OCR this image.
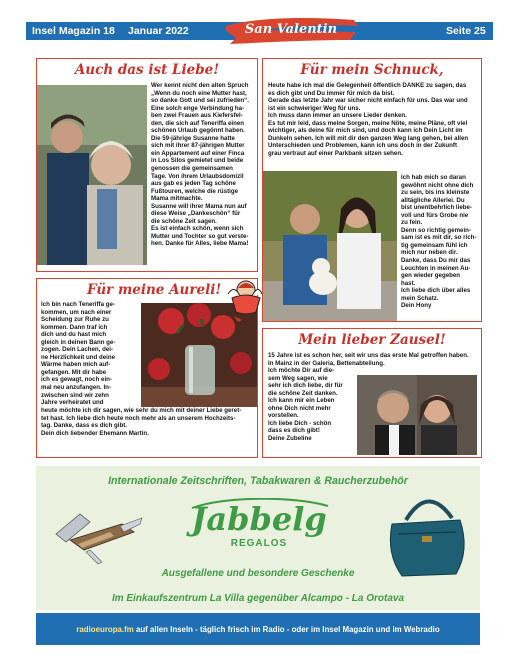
Insel Magazin 18 Januar 2022	San Valentin	Seite 25
Auch das ist Liebe!

Wer kennt nicht den alten Spruch

„Wenn du noch eine Mutter hast,

so danke Gott und sei zufrieden“.

Eine solch enge Verbindung ha-

ben zwei Frauen aus Kiefersfel-

den, die sich auf Teneriffa einen

schönen Urlaub gegönnt haben.

Die 59-jährige Susanne hatte

sich mit ihrer 87-jährigen Mutter

ein Appartement auf einer Finca

in Los Silos gemietet und beide

genossen die gemeinsamen

Tage. Von ihrem Urlaubsdomizil

aus gab es jeden Tag schöne

Fußtouren, welche die rüstige

Mama mitmachte.

Susanne will ihrer Mama nun auf

diese Weise „Dankeschön“ für

die schöne Zeit sagen.

Es ist einfach schön, wenn sich

Mutter und Tochter so gut verste-

hen. Danke für Alles, liebe Mama!

Für mein Schnuck,

Heute habe ich mal die Gelegenheit öffentlich DANKE zu sagen, das

es dich gibt und Du immer für mich da bist.

Gerade das letzte Jahr war sicher nicht einfach für uns. Das war und

ist ein schwieriger Weg für uns.

Ich muss dann immer an unsere Lieder denken.

Es tut mir leid, dass meine Sorgen, meine Nöte, meine Pläne, oft viel

wichtiger, als deine für mich sind, und doch kann ich Dein Licht im

Dunkeln sehen. Ich will mit dir den ganzen Weg lang gehen, bei allen

Unterschieden und Problemen, kann ich uns doch in der Zukunft

grau vertraut auf einer Parkbank sitzen sehen.

Ich hab mich so daran

gewöhnt nicht ohne dich

zu sein, bis ins kleinste

alltägliche Allerlei. Du

bist unentbehrlich liebe-

voll und fürs Grobe nie

zu fein.

Denn so richtig gemein-

sam ist es mit dir, so rich-

tig gemeinsam fühl ich

mich nur neben dir.

Danke, dass Du mir das

Leuchten in meinen Au-

gen wieder gegeben

hast.

Ich liebe dich über alles

mein Schatz.

Dein Hony

Für meine Aureli!

Ich bin nach Teneriffa ge-

kommen, um nach einer

Scheidung zur Ruhe zu

kommen. Dann traf ich

dich und du hast mich

gleich in deinen Bann ge-

zogen. Dein Lachen, dei-

ne Herzlichkeit und deine

Wärme haben mich auf-

gefangen. Mit dir habe

ich es gewagt, noch ein-

mal neu anzufangen. In-

zwischen sind wir zehn

Jahre verheiratet und

heute möchte ich dir sagen, wie sehr du mich mit deiner Liebe geret-

tet hast. Ich liebe dich heute noch mehr als an unserem Hochzeits-

tag. Danke, dass es dich gibt.

Dein dich liebender Ehemann Martin.

Mein lieber Zausel!

15 Jahre ist es schon her, seit wir uns das erste Mal getroffen haben.

In Mainz in der Galeria, Bettenabteilung.

Ich möchte Dir auf die-

sem Weg sagen, wie

sehr ich dich liebe, dir für

die schöne Zeit danken.

Ich kann mir ein Leben

ohne Dich nicht mehr

vorstellen.

Ich liebe Dich - schön

dass es dich gibt!

Deine Zubeline

Internationale Zeitschriften, Tabakwaren & Raucherzubehör
Jabbelg
REGALOS
Ausgefallene und besondere Geschenke
Im Einkaufszentrum La Villa gegenüber Alcampo - La Orotava
radioeuropa.fm auf allen Inseln - täglich frisch im Radio - oder im Insel Magazin und im Webradio
